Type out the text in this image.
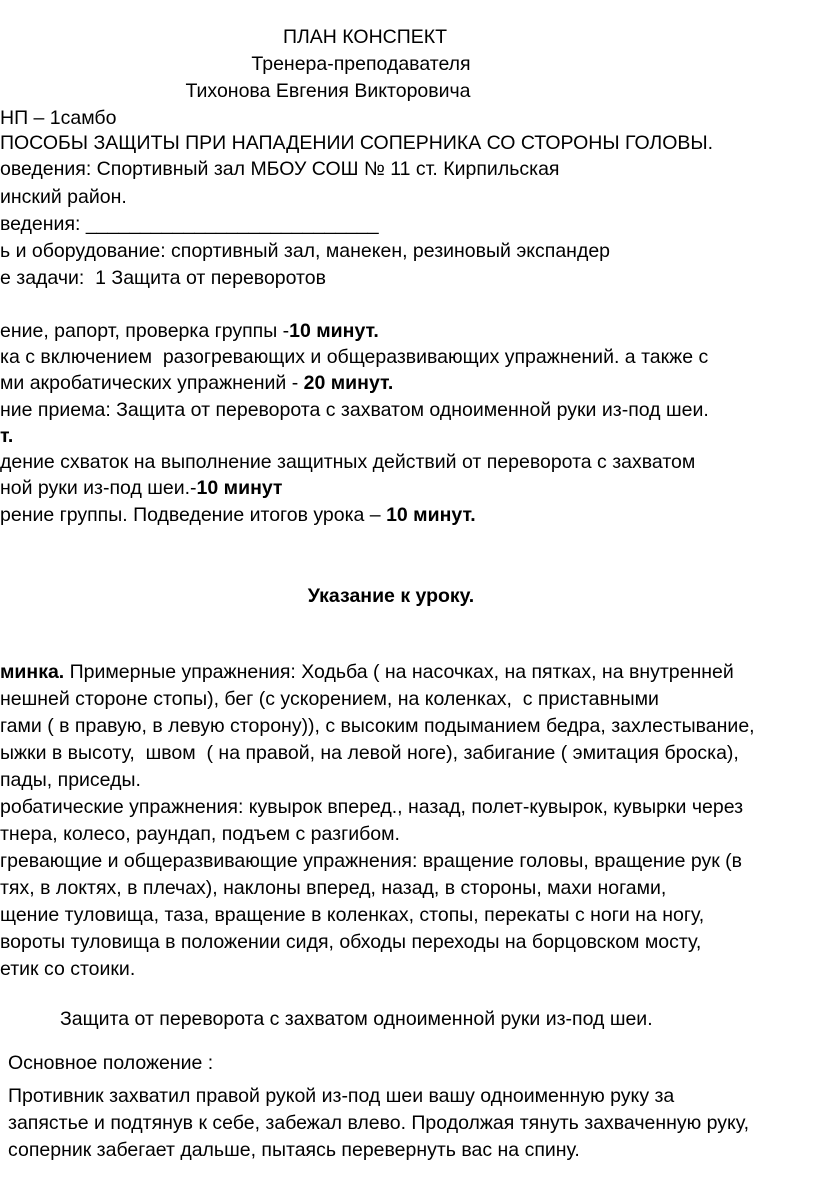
ПЛАН КОНСПЕКТ
Тренера-преподавателя
Тихонова Евгения Викторовича
НП – 1самбо
ПОСОБЫ ЗАЩИТЫ ПРИ НАПАДЕНИИ СОПЕРНИКА СО СТОРОНЫ ГОЛОВЫ.
оведения: Спортивный зал МБОУ СОШ № 11 ст. Кирпильская
инский район.
ведения: ___________________________
ь и оборудование: спортивный зал, манекен, резиновый экспандер
е задачи:  1 Защита от переворотов
ение, рапорт, проверка группы -10 минут.
ка с включением  разогревающих и общеразвивающих упражнений. а также с
ми акробатических упражнений - 20 минут.
ние приема: Защита от переворота с захватом одноименной руки из-под шеи.
т.
дение схваток на выполнение защитных действий от переворота с захватом
ной руки из-под шеи.-10 минут
рение группы. Подведение итогов урока – 10 минут.
Указание к уроку.
минка. Примерные упражнения: Ходьба ( на насочках, на пятках, на внутренней
нешней стороне стопы), бег (с ускорением, на коленках,  с приставными
гами ( в правую, в левую сторону)), с высоким подыманием бедра, захлестывание,
ыжки в высоту,  швом  ( на правой, на левой ноге), забигание ( эмитация броска),
пады, приседы.
робатические упражнения: кувырок вперед., назад, полет-кувырок, кувырки через
тнера, колесо, раундап, подъем с разгибом.
гревающие и общеразвивающие упражнения: вращение головы, вращение рук (в
тях, в локтях, в плечах), наклоны вперед, назад, в стороны, махи ногами,
щение туловища, таза, вращение в коленках, стопы, перекаты с ноги на ногу,
вороты туловища в положении сидя, обходы переходы на борцовском мосту,
етик со стоики.
Защита от переворота с захватом одноименной руки из-под шеи.
Основное положение :
Противник захватил правой рукой из-под шеи вашу одноименную руку за
запястье и подтянув к себе, забежал влево. Продолжая тянуть захваченную руку,
соперник забегает дальше, пытаясь перевернуть вас на спину.
